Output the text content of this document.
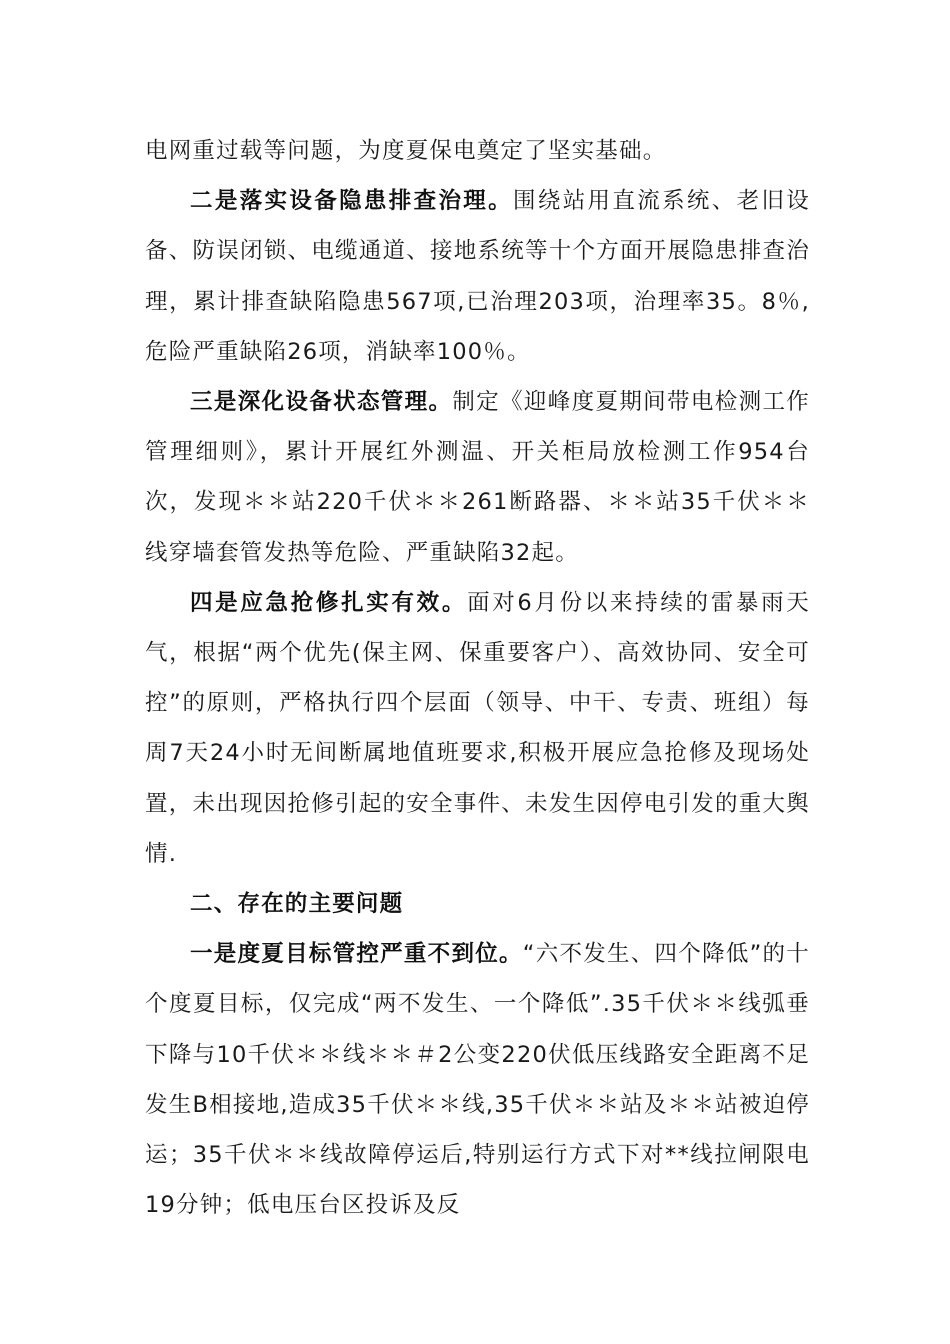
电网重过载等问题，为度夏保电奠定了坚实基础。

二是落实设备隐患排查治理。围绕站用直流系统、老旧设备、防误闭锁、电缆通道、接地系统等十个方面开展隐患排查治理，累计排查缺陷隐患567项,已治理203项，治理率35。8％,危险严重缺陷26项，消缺率100％。

三是深化设备状态管理。制定《迎峰度夏期间带电检测工作管理细则》，累计开展红外测温、开关柜局放检测工作954台次，发现＊＊站220千伏＊＊261断路器、＊＊站35千伏＊＊线穿墙套管发热等危险、严重缺陷32起。

四是应急抢修扎实有效。面对6月份以来持续的雷暴雨天气，根据“两个优先(保主网、保重要客户）、高效协同、安全可控”的原则，严格执行四个层面（领导、中干、专责、班组）每周7天24小时无间断属地值班要求,积极开展应急抢修及现场处置，未出现因抢修引起的安全事件、未发生因停电引发的重大舆情.

二、存在的主要问题

一是度夏目标管控严重不到位。“六不发生、四个降低”的十个度夏目标，仅完成“两不发生、一个降低”.35千伏＊＊线弧垂下降与10千伏＊＊线＊＊＃2公变220伏低压线路安全距离不足发生B相接地,造成35千伏＊＊线,35千伏＊＊站及＊＊站被迫停运；35千伏＊＊线故障停运后,特别运行方式下对**线拉闸限电19分钟；低电压台区投诉及反
